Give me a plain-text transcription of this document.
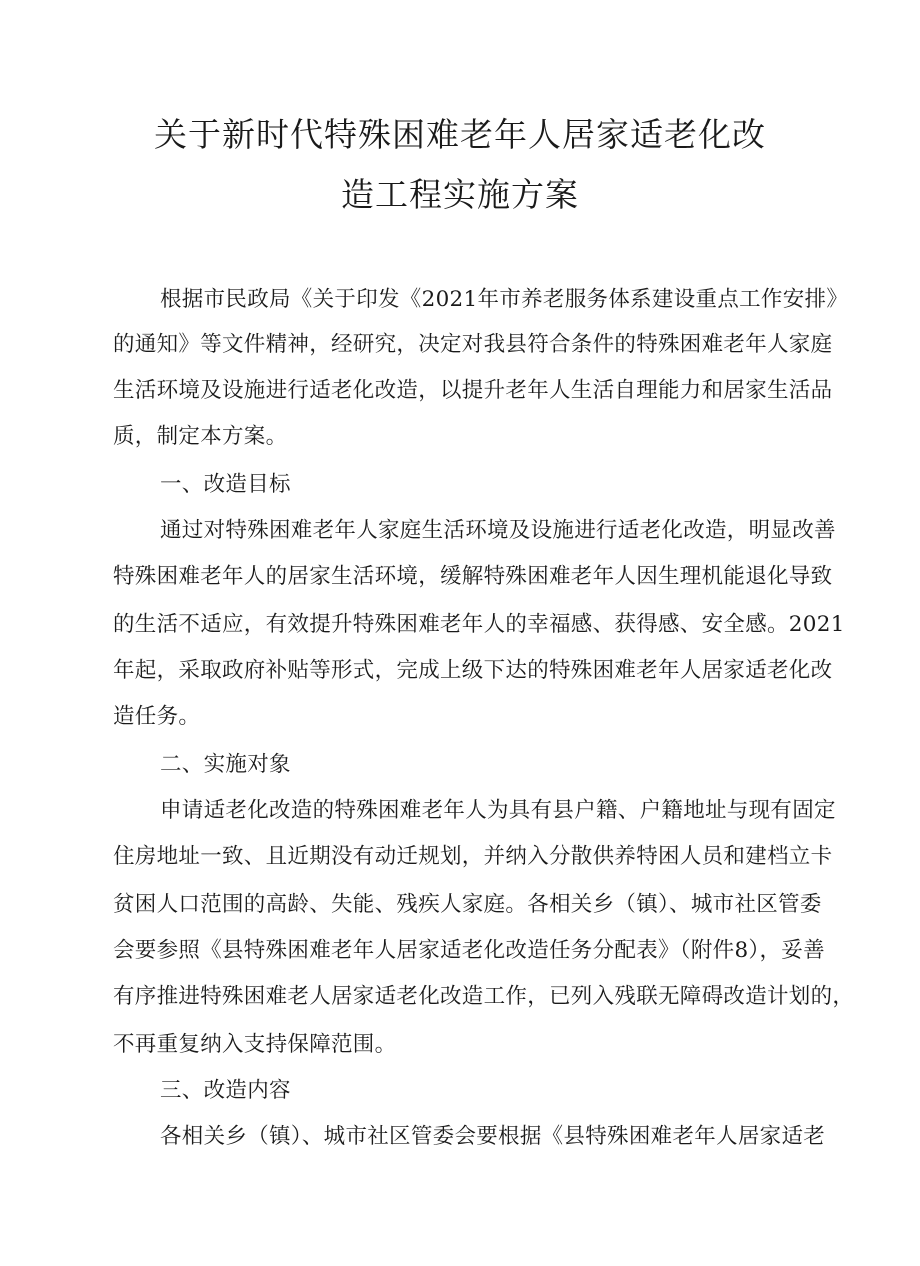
关于新时代特殊困难老年人居家适老化改
造工程实施方案
根据市民政局《关于印发《2021年市养老服务体系建设重点工作安排》
的通知》等文件精神，经研究，决定对我县符合条件的特殊困难老年人家庭
生活环境及设施进行适老化改造，以提升老年人生活自理能力和居家生活品
质，制定本方案。
一、改造目标
通过对特殊困难老年人家庭生活环境及设施进行适老化改造，明显改善
特殊困难老年人的居家生活环境，缓解特殊困难老年人因生理机能退化导致
的生活不适应，有效提升特殊困难老年人的幸福感、获得感、安全感。2021
年起，采取政府补贴等形式，完成上级下达的特殊困难老年人居家适老化改
造任务。
二、实施对象
申请适老化改造的特殊困难老年人为具有县户籍、户籍地址与现有固定
住房地址一致、且近期没有动迁规划，并纳入分散供养特困人员和建档立卡
贫困人口范围的高龄、失能、残疾人家庭。各相关乡（镇）、城市社区管委
会要参照《县特殊困难老年人居家适老化改造任务分配表》（附件8），妥善
有序推进特殊困难老人居家适老化改造工作，已列入残联无障碍改造计划的，
不再重复纳入支持保障范围。
三、改造内容
各相关乡（镇）、城市社区管委会要根据《县特殊困难老年人居家适老
